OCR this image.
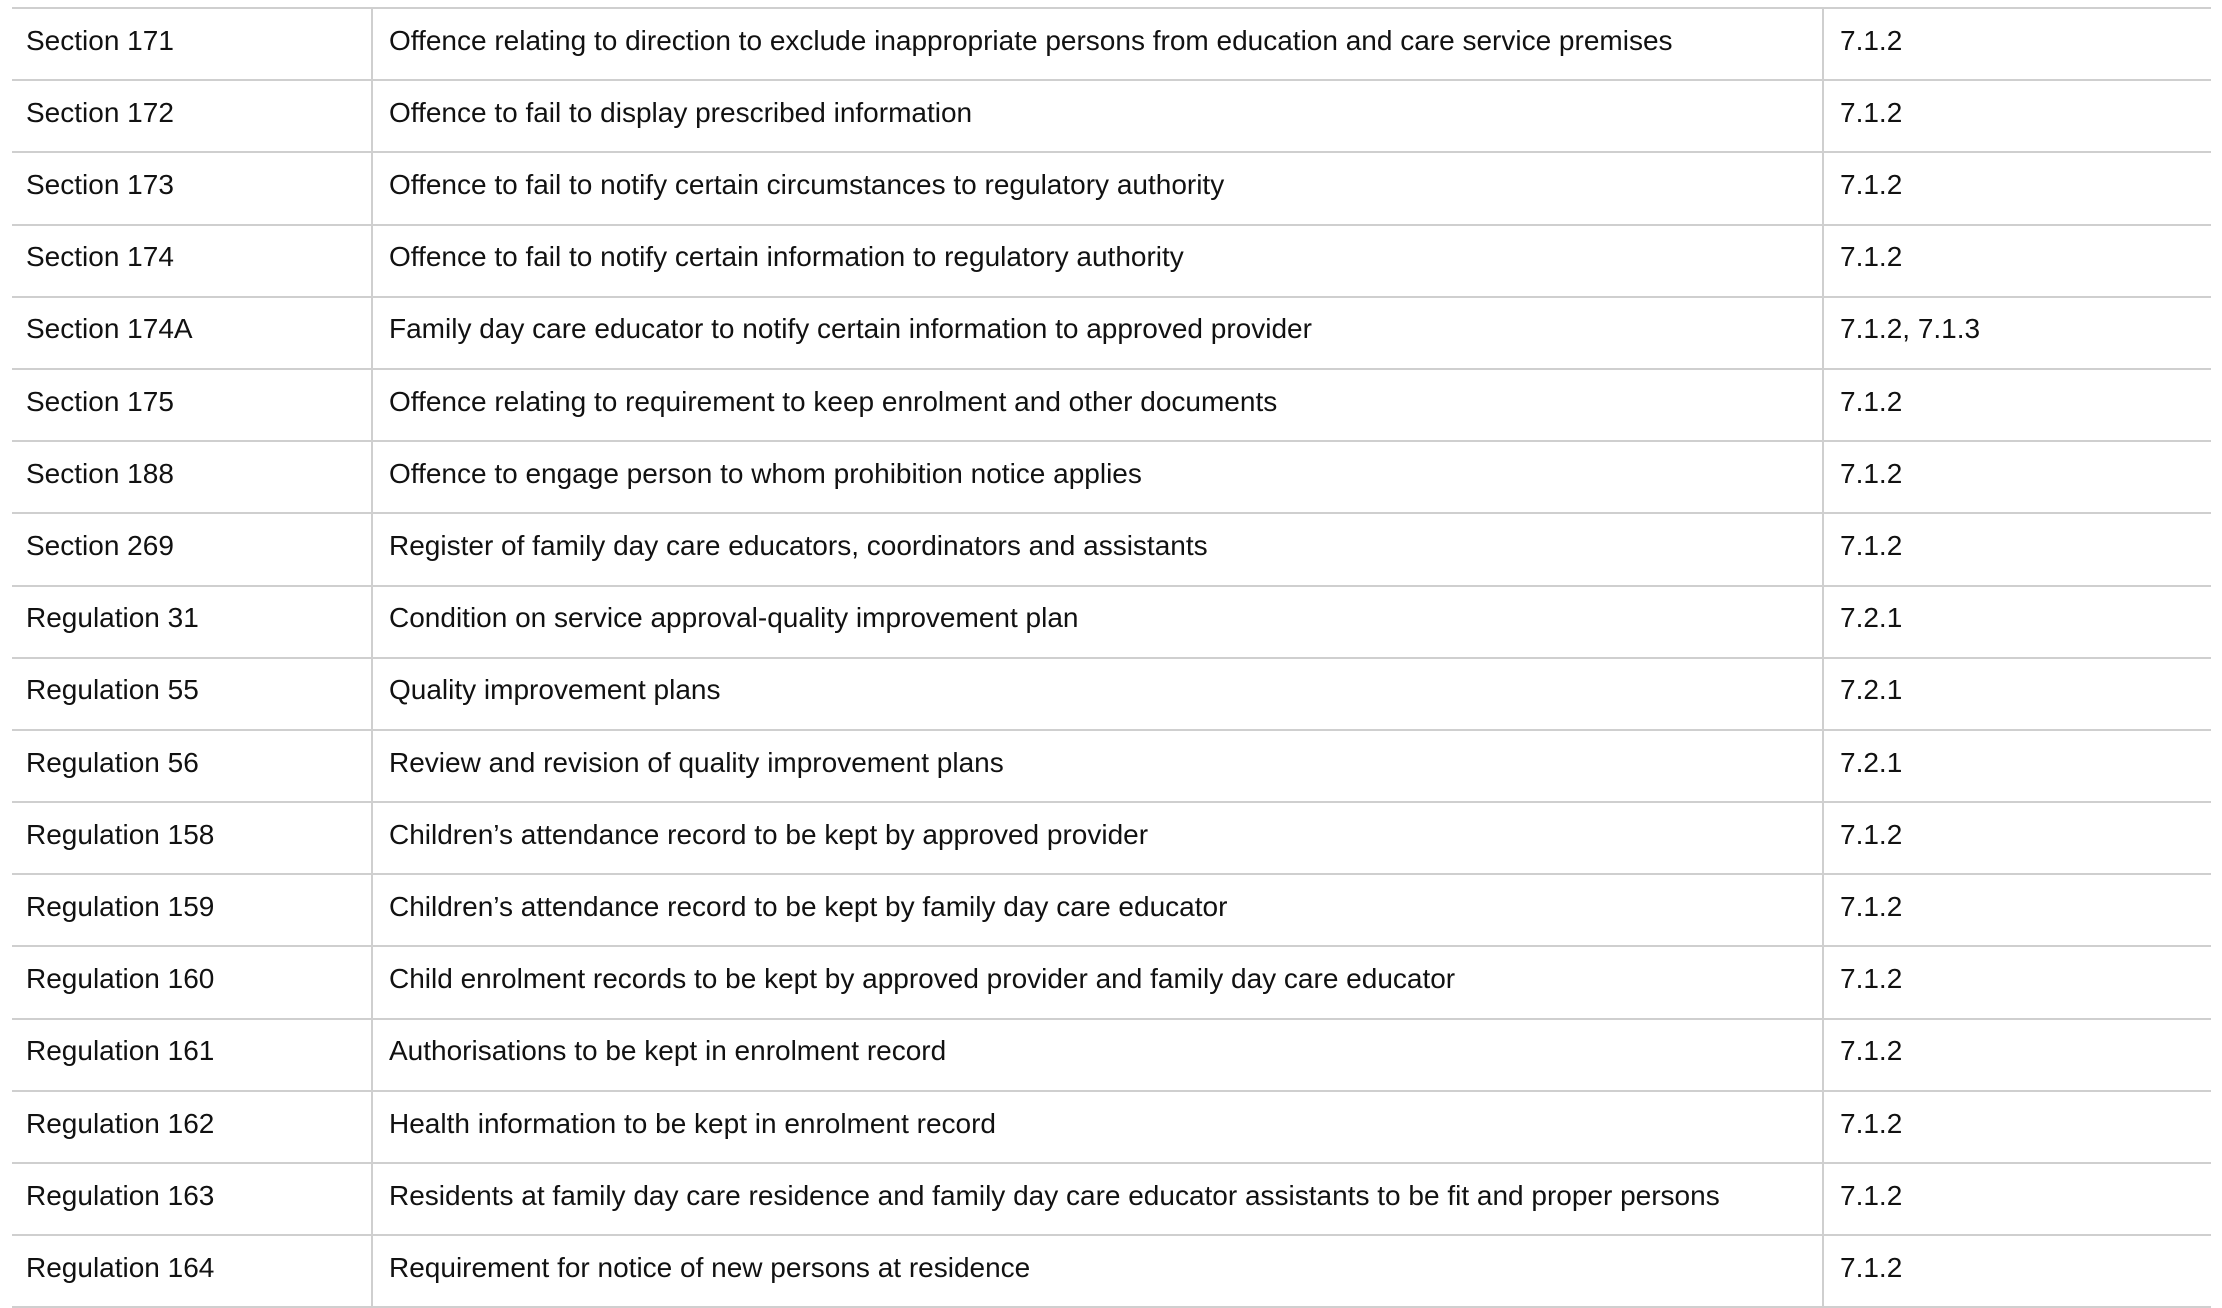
Section 171	Offence relating to direction to exclude inappropriate persons from education and care service premises	7.1.2
Section 172	Offence to fail to display prescribed information	7.1.2
Section 173	Offence to fail to notify certain circumstances to regulatory authority	7.1.2
Section 174	Offence to fail to notify certain information to regulatory authority	7.1.2
Section 174A	Family day care educator to notify certain information to approved provider	7.1.2, 7.1.3
Section 175	Offence relating to requirement to keep enrolment and other documents	7.1.2
Section 188	Offence to engage person to whom prohibition notice applies	7.1.2
Section 269	Register of family day care educators, coordinators and assistants	7.1.2
Regulation 31	Condition on service approval-quality improvement plan	7.2.1
Regulation 55	Quality improvement plans	7.2.1
Regulation 56	Review and revision of quality improvement plans	7.2.1
Regulation 158	Children’s attendance record to be kept by approved provider	7.1.2
Regulation 159	Children’s attendance record to be kept by family day care educator	7.1.2
Regulation 160	Child enrolment records to be kept by approved provider and family day care educator	7.1.2
Regulation 161	Authorisations to be kept in enrolment record	7.1.2
Regulation 162	Health information to be kept in enrolment record	7.1.2
Regulation 163	Residents at family day care residence and family day care educator assistants to be fit and proper persons	7.1.2
Regulation 164	Requirement for notice of new persons at residence	7.1.2
